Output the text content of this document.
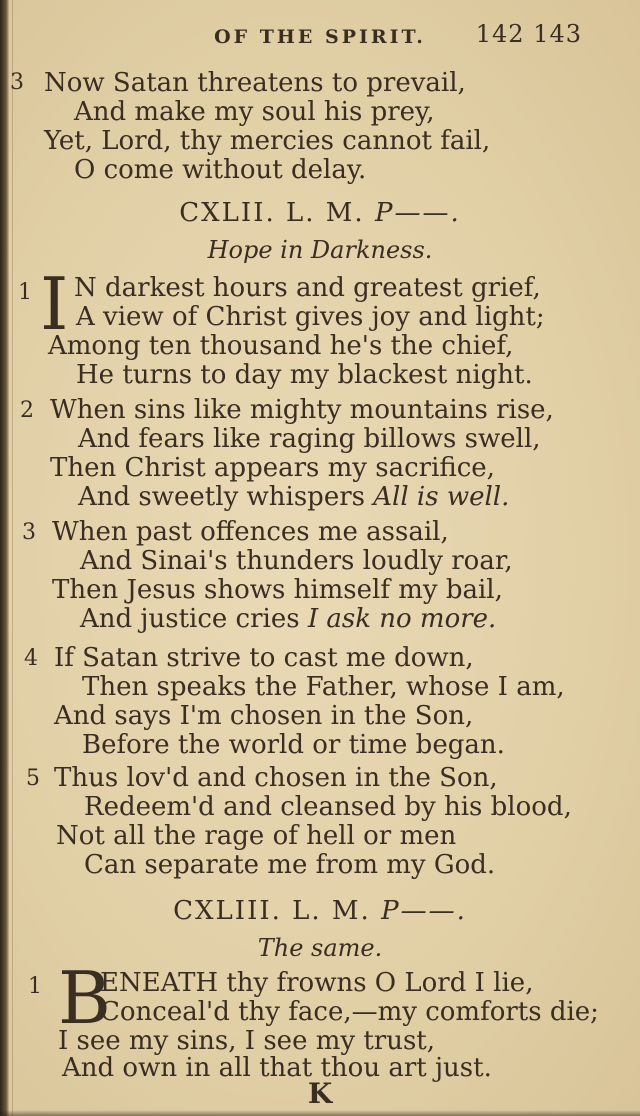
OF THE SPIRIT.	142 143
3 Now Satan threatens to prevail,
And make my soul his prey,
Yet, Lord, thy mercies cannot fail,
O come without delay.
CXLII. L. M. P——.
Hope in Darkness.
1 I N darkest hours and greatest grief,
A view of Christ gives joy and light;
Among ten thousand he's the chief,
He turns to day my blackest night.
2 When sins like mighty mountains rise,
And fears like raging billows swell,
Then Christ appears my sacrifice,
And sweetly whispers All is well.
3 When past offences me assail,
And Sinai's thunders loudly roar,
Then Jesus shows himself my bail,
And justice cries I ask no more.
4 If Satan strive to cast me down,
Then speaks the Father, whose I am,
And says I'm chosen in the Son,
Before the world or time began.
5 Thus lov'd and chosen in the Son,
Redeem'd and cleansed by his blood,
Not all the rage of hell or men
Can separate me from my God.
CXLIII. L. M. P——.
The same.
1 B
ENEATH thy frowns O Lord I lie,
Conceal'd thy face,—my comforts die;
I see my sins, I see my trust,
And own in all that thou art just.
K
